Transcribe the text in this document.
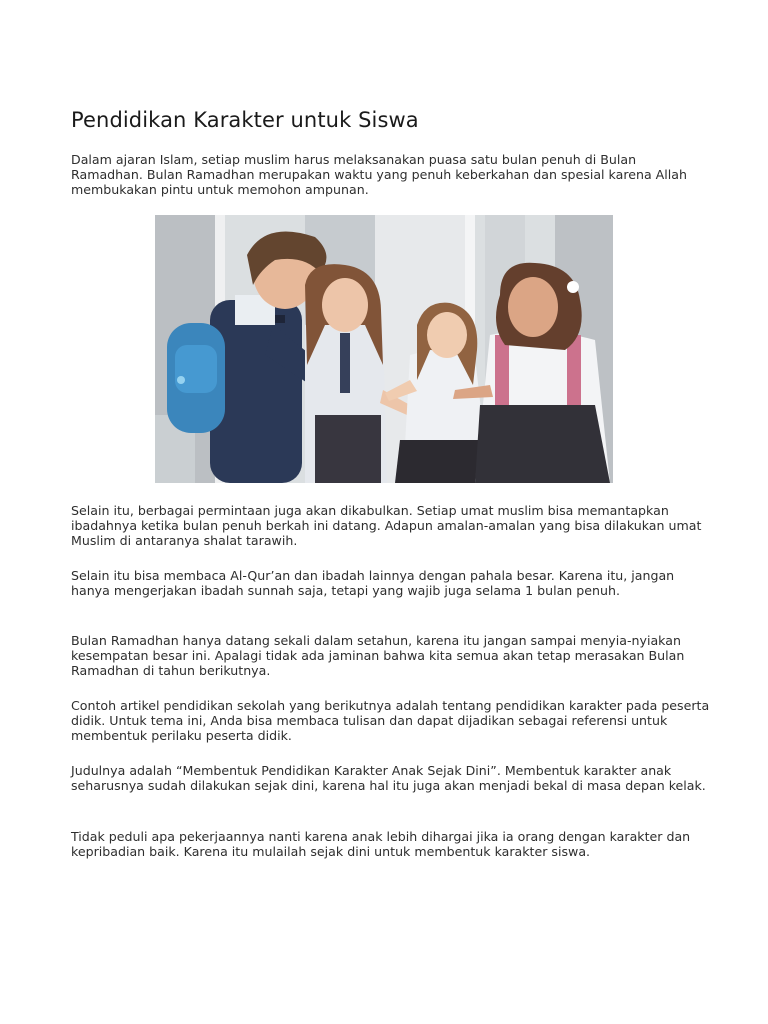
Pendidikan Karakter untuk Siswa

Dalam ajaran Islam, setiap muslim harus melaksanakan puasa satu bulan penuh di Bulan Ramadhan. Bulan Ramadhan merupakan waktu yang penuh keberkahan dan spesial karena Allah membukakan pintu untuk memohon ampunan.

Selain itu, berbagai permintaan juga akan dikabulkan. Setiap umat muslim bisa memantapkan ibadahnya ketika bulan penuh berkah ini datang. Adapun amalan-amalan yang bisa dilakukan umat Muslim di antaranya shalat tarawih.

Selain itu bisa membaca Al-Qur’an dan ibadah lainnya dengan pahala besar. Karena itu, jangan hanya mengerjakan ibadah sunnah saja, tetapi yang wajib juga selama 1 bulan penuh.

Bulan Ramadhan hanya datang sekali dalam setahun, karena itu jangan sampai menyia-nyiakan kesempatan besar ini. Apalagi tidak ada jaminan bahwa kita semua akan tetap merasakan Bulan Ramadhan di tahun berikutnya.

Contoh artikel pendidikan sekolah yang berikutnya adalah tentang pendidikan karakter pada peserta didik. Untuk tema ini, Anda bisa membaca tulisan dan dapat dijadikan sebagai referensi untuk membentuk perilaku peserta didik.

Judulnya adalah “Membentuk Pendidikan Karakter Anak Sejak Dini”. Membentuk karakter anak seharusnya sudah dilakukan sejak dini, karena hal itu juga akan menjadi bekal di masa depan kelak.

Tidak peduli apa pekerjaannya nanti karena anak lebih dihargai jika ia orang dengan karakter dan kepribadian baik. Karena itu mulailah sejak dini untuk membentuk karakter siswa.
